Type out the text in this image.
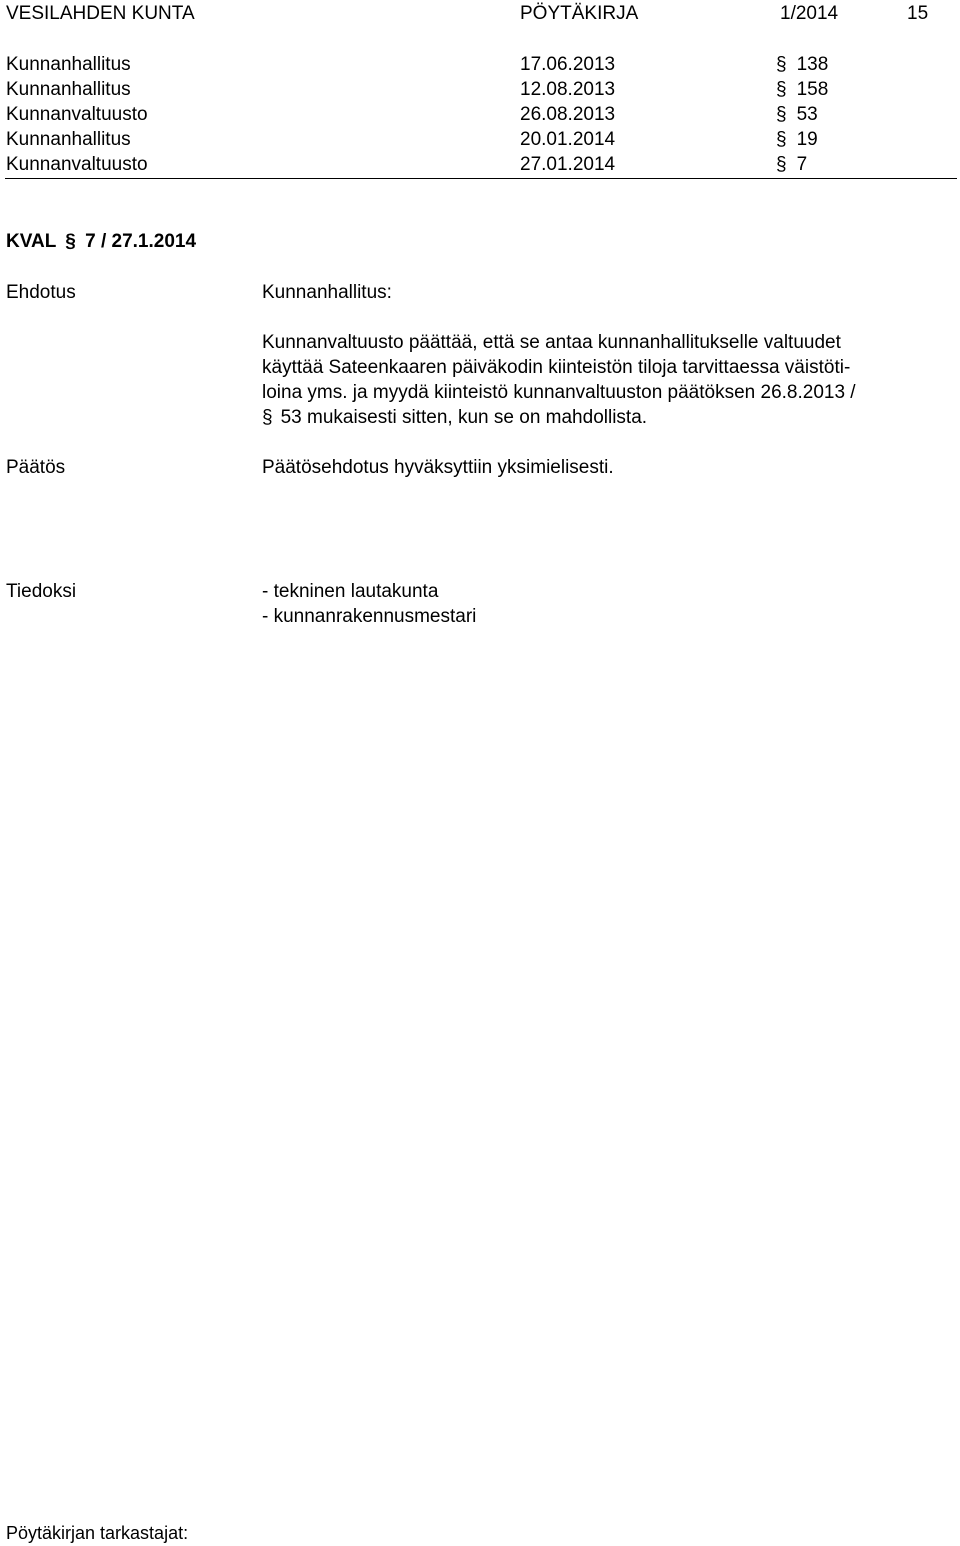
VESILAHDEN KUNTA	PÖYTÄKIRJA	1/2014	15
Kunnanhallitus	17.06.2013	§ 138
Kunnanhallitus	12.08.2013	§ 158
Kunnanvaltuusto	26.08.2013	§ 53
Kunnanhallitus	20.01.2014	§ 19
Kunnanvaltuusto	27.01.2014	§ 7
KVAL § 7 / 27.1.2014
Ehdotus	Kunnanhallitus:
Kunnanvaltuusto päättää, että se antaa kunnanhallitukselle valtuudet
käyttää Sateenkaaren päiväkodin kiinteistön tiloja tarvittaessa väistöti-
loina yms. ja myydä kiinteistö kunnanvaltuuston päätöksen 26.8.2013 /
§ 53 mukaisesti sitten, kun se on mahdollista.
Päätös	Päätösehdotus hyväksyttiin yksimielisesti.
Tiedoksi	- tekninen lautakunta
- kunnanrakennusmestari
Pöytäkirjan tarkastajat:
